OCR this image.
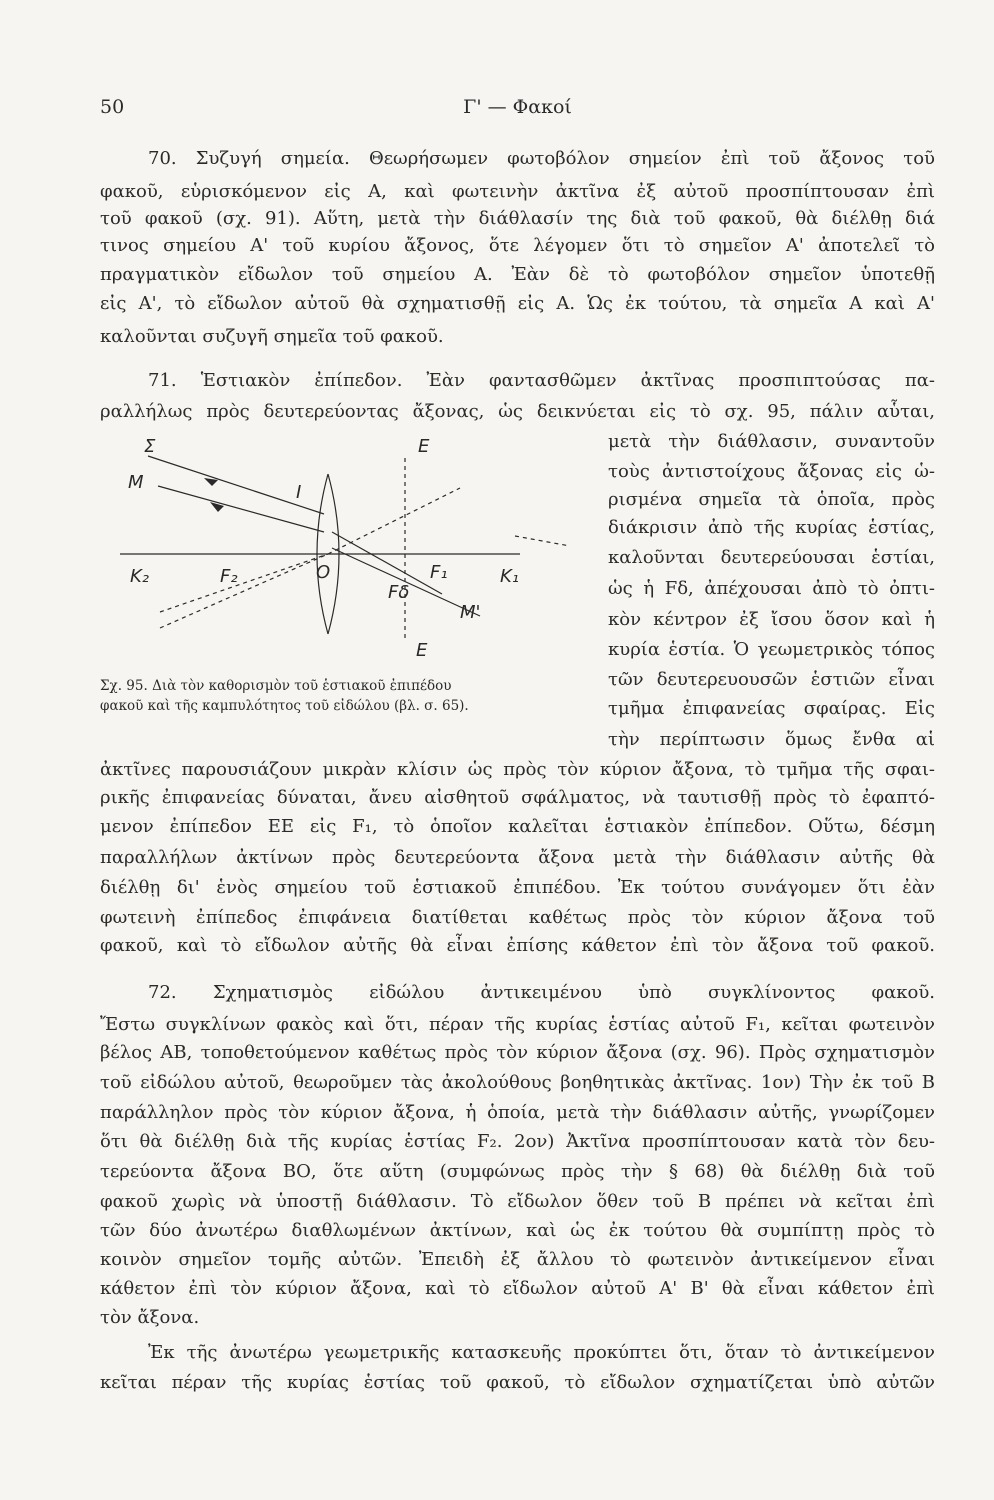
50	Γ' — Φακοί
70. Συζυγή σημεία. Θεωρήσωμεν φωτοβόλον σημείον ἐπὶ τοῦ ἄξονος τοῦ
φακοῦ, εὑρισκόμενον εἰς Α, καὶ φωτεινὴν ἀκτῖνα ἐξ αὐτοῦ προσπίπτουσαν ἐπὶ
τοῦ φακοῦ (σχ. 91). Αὕτη, μετὰ τὴν διάθλασίν της διὰ τοῦ φακοῦ, θὰ διέλθῃ διά
τινος σημείου Α' τοῦ κυρίου ἄξονος, ὅτε λέγομεν ὅτι τὸ σημεῖον Α' ἀποτελεῖ τὸ
πραγματικὸν εἴδωλον τοῦ σημείου Α. Ἐὰν δὲ τὸ φωτοβόλον σημεῖον ὑποτεθῇ
εἰς Α', τὸ εἴδωλον αὐτοῦ θὰ σχηματισθῇ εἰς Α. Ὡς ἐκ τούτου, τὰ σημεῖα Α καὶ Α'
καλοῦνται συζυγῆ σημεῖα τοῦ φακοῦ.
71. Ἑστιακὸν ἐπίπεδον. Ἐὰν φαντασθῶμεν ἀκτῖνας προσπιπτούσας πα-
ραλλήλως πρὸς δευτερεύοντας ἄξονας, ὡς δεικνύεται εἰς τὸ σχ. 95, πάλιν αὗται,
μετὰ τὴν διάθλασιν, συναντοῦν
τοὺς ἀντιστοίχους ἄξονας εἰς ὡ-
ρισμένα σημεῖα τὰ ὁποῖα, πρὸς
διάκρισιν ἀπὸ τῆς κυρίας ἑστίας,
καλοῦνται δευτερεύουσαι ἑστίαι,
ὡς ἡ Fδ, ἀπέχουσαι ἀπὸ τὸ ὀπτι-
κὸν κέντρον ἐξ ἴσου ὅσον καὶ ἡ
κυρία ἑστία. Ὁ γεωμετρικὸς τόπος
τῶν δευτερευουσῶν ἑστιῶν εἶναι
τμῆμα ἐπιφανείας σφαίρας. Εἰς
τὴν περίπτωσιν ὅμως ἔνθα αἱ
Σ
M
E
I
K₂	F₂	O	F₁
Fδ
K₁
M'
E
Σχ. 95. Διὰ τὸν καθορισμὸν τοῦ ἑστιακοῦ ἐπιπέδου
φακοῦ καὶ τῆς καμπυλότητος τοῦ εἰδώλου (βλ. σ. 65).
ἀκτῖνες παρουσιάζουν μικρὰν κλίσιν ὡς πρὸς τὸν κύριον ἄξονα, τὸ τμῆμα τῆς σφαι-
ρικῆς ἐπιφανείας δύναται, ἄνευ αἰσθητοῦ σφάλματος, νὰ ταυτισθῇ πρὸς τὸ ἐφαπτό-
μενον ἐπίπεδον ΕΕ εἰς F₁, τὸ ὁποῖον καλεῖται ἑστιακὸν ἐπίπεδον. Οὕτω, δέσμη
παραλλήλων ἀκτίνων πρὸς δευτερεύοντα ἄξονα μετὰ τὴν διάθλασιν αὐτῆς θὰ
διέλθῃ δι' ἑνὸς σημείου τοῦ ἑστιακοῦ ἐπιπέδου. Ἐκ τούτου συνάγομεν ὅτι ἐὰν
φωτεινὴ ἐπίπεδος ἐπιφάνεια διατίθεται καθέτως πρὸς τὸν κύριον ἄξονα τοῦ
φακοῦ, καὶ τὸ εἴδωλον αὐτῆς θὰ εἶναι ἐπίσης κάθετον ἐπὶ τὸν ἄξονα τοῦ φακοῦ.
72. Σχηματισμὸς εἰδώλου ἀντικειμένου ὑπὸ συγκλίνοντος φακοῦ.
Ἔστω συγκλίνων φακὸς καὶ ὅτι, πέραν τῆς κυρίας ἑστίας αὐτοῦ F₁, κεῖται φωτεινὸν
βέλος ΑΒ, τοποθετούμενον καθέτως πρὸς τὸν κύριον ἄξονα (σχ. 96). Πρὸς σχηματισμὸν
τοῦ εἰδώλου αὐτοῦ, θεωροῦμεν τὰς ἀκολούθους βοηθητικὰς ἀκτῖνας. 1ον) Τὴν ἐκ τοῦ Β
παράλληλον πρὸς τὸν κύριον ἄξονα, ἡ ὁποία, μετὰ τὴν διάθλασιν αὐτῆς, γνωρίζομεν
ὅτι θὰ διέλθῃ διὰ τῆς κυρίας ἑστίας F₂. 2ον) Ἀκτῖνα προσπίπτουσαν κατὰ τὸν δευ-
τερεύοντα ἄξονα ΒΟ, ὅτε αὕτη (συμφώνως πρὸς τὴν § 68) θὰ διέλθῃ διὰ τοῦ
φακοῦ χωρὶς νὰ ὑποστῇ διάθλασιν. Τὸ εἴδωλον ὅθεν τοῦ Β πρέπει νὰ κεῖται ἐπὶ
τῶν δύο ἀνωτέρω διαθλωμένων ἀκτίνων, καὶ ὡς ἐκ τούτου θὰ συμπίπτῃ πρὸς τὸ
κοινὸν σημεῖον τομῆς αὐτῶν. Ἐπειδὴ ἐξ ἄλλου τὸ φωτεινὸν ἀντικείμενον εἶναι
κάθετον ἐπὶ τὸν κύριον ἄξονα, καὶ τὸ εἴδωλον αὐτοῦ Α' Β' θὰ εἶναι κάθετον ἐπὶ
τὸν ἄξονα.
Ἐκ τῆς ἀνωτέρω γεωμετρικῆς κατασκευῆς προκύπτει ὅτι, ὅταν τὸ ἀντικείμενον
κεῖται πέραν τῆς κυρίας ἑστίας τοῦ φακοῦ, τὸ εἴδωλον σχηματίζεται ὑπὸ αὐτῶν
